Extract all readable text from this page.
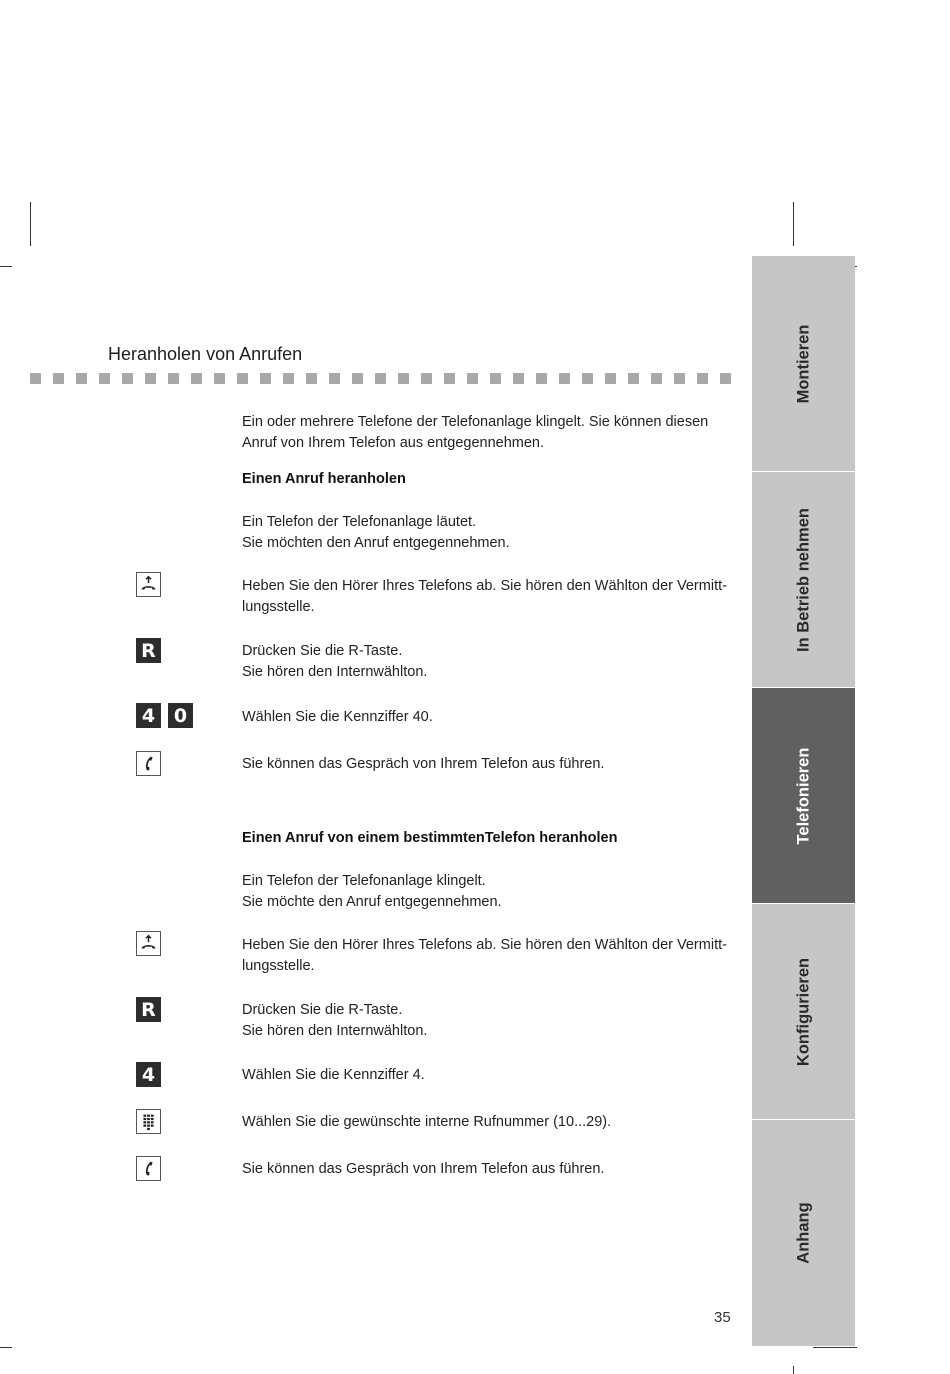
Heranholen von Anrufen
Ein oder mehrere Telefone der Telefonanlage klingelt. Sie können diesen
Anruf von Ihrem Telefon aus entgegennehmen.
Einen Anruf heranholen
Ein Telefon der Telefonanlage läutet.
Sie möchten den Anruf entgegennehmen.
Heben Sie den Hörer Ihres Telefons ab. Sie hören den Wählton der Vermitt-
lungsstelle.
R	Drücken Sie die R-Taste.
Sie hören den Internwählton.
4 0	Wählen Sie die Kennziffer 40.
Sie können das Gespräch von Ihrem Telefon aus führen.
Einen Anruf von einem bestimmtenTelefon heranholen
Ein Telefon der Telefonanlage klingelt.
Sie möchte den Anruf entgegennehmen.
Heben Sie den Hörer Ihres Telefons ab. Sie hören den Wählton der Vermitt-
lungsstelle.
R	Drücken Sie die R-Taste.
Sie hören den Internwählton.
4	Wählen Sie die Kennziffer 4.
Wählen Sie die gewünschte interne Rufnummer (10...29).
Sie können das Gespräch von Ihrem Telefon aus führen.
Montieren
In Betrieb nehmen
Telefonieren
Konfigurieren
Anhang
35
